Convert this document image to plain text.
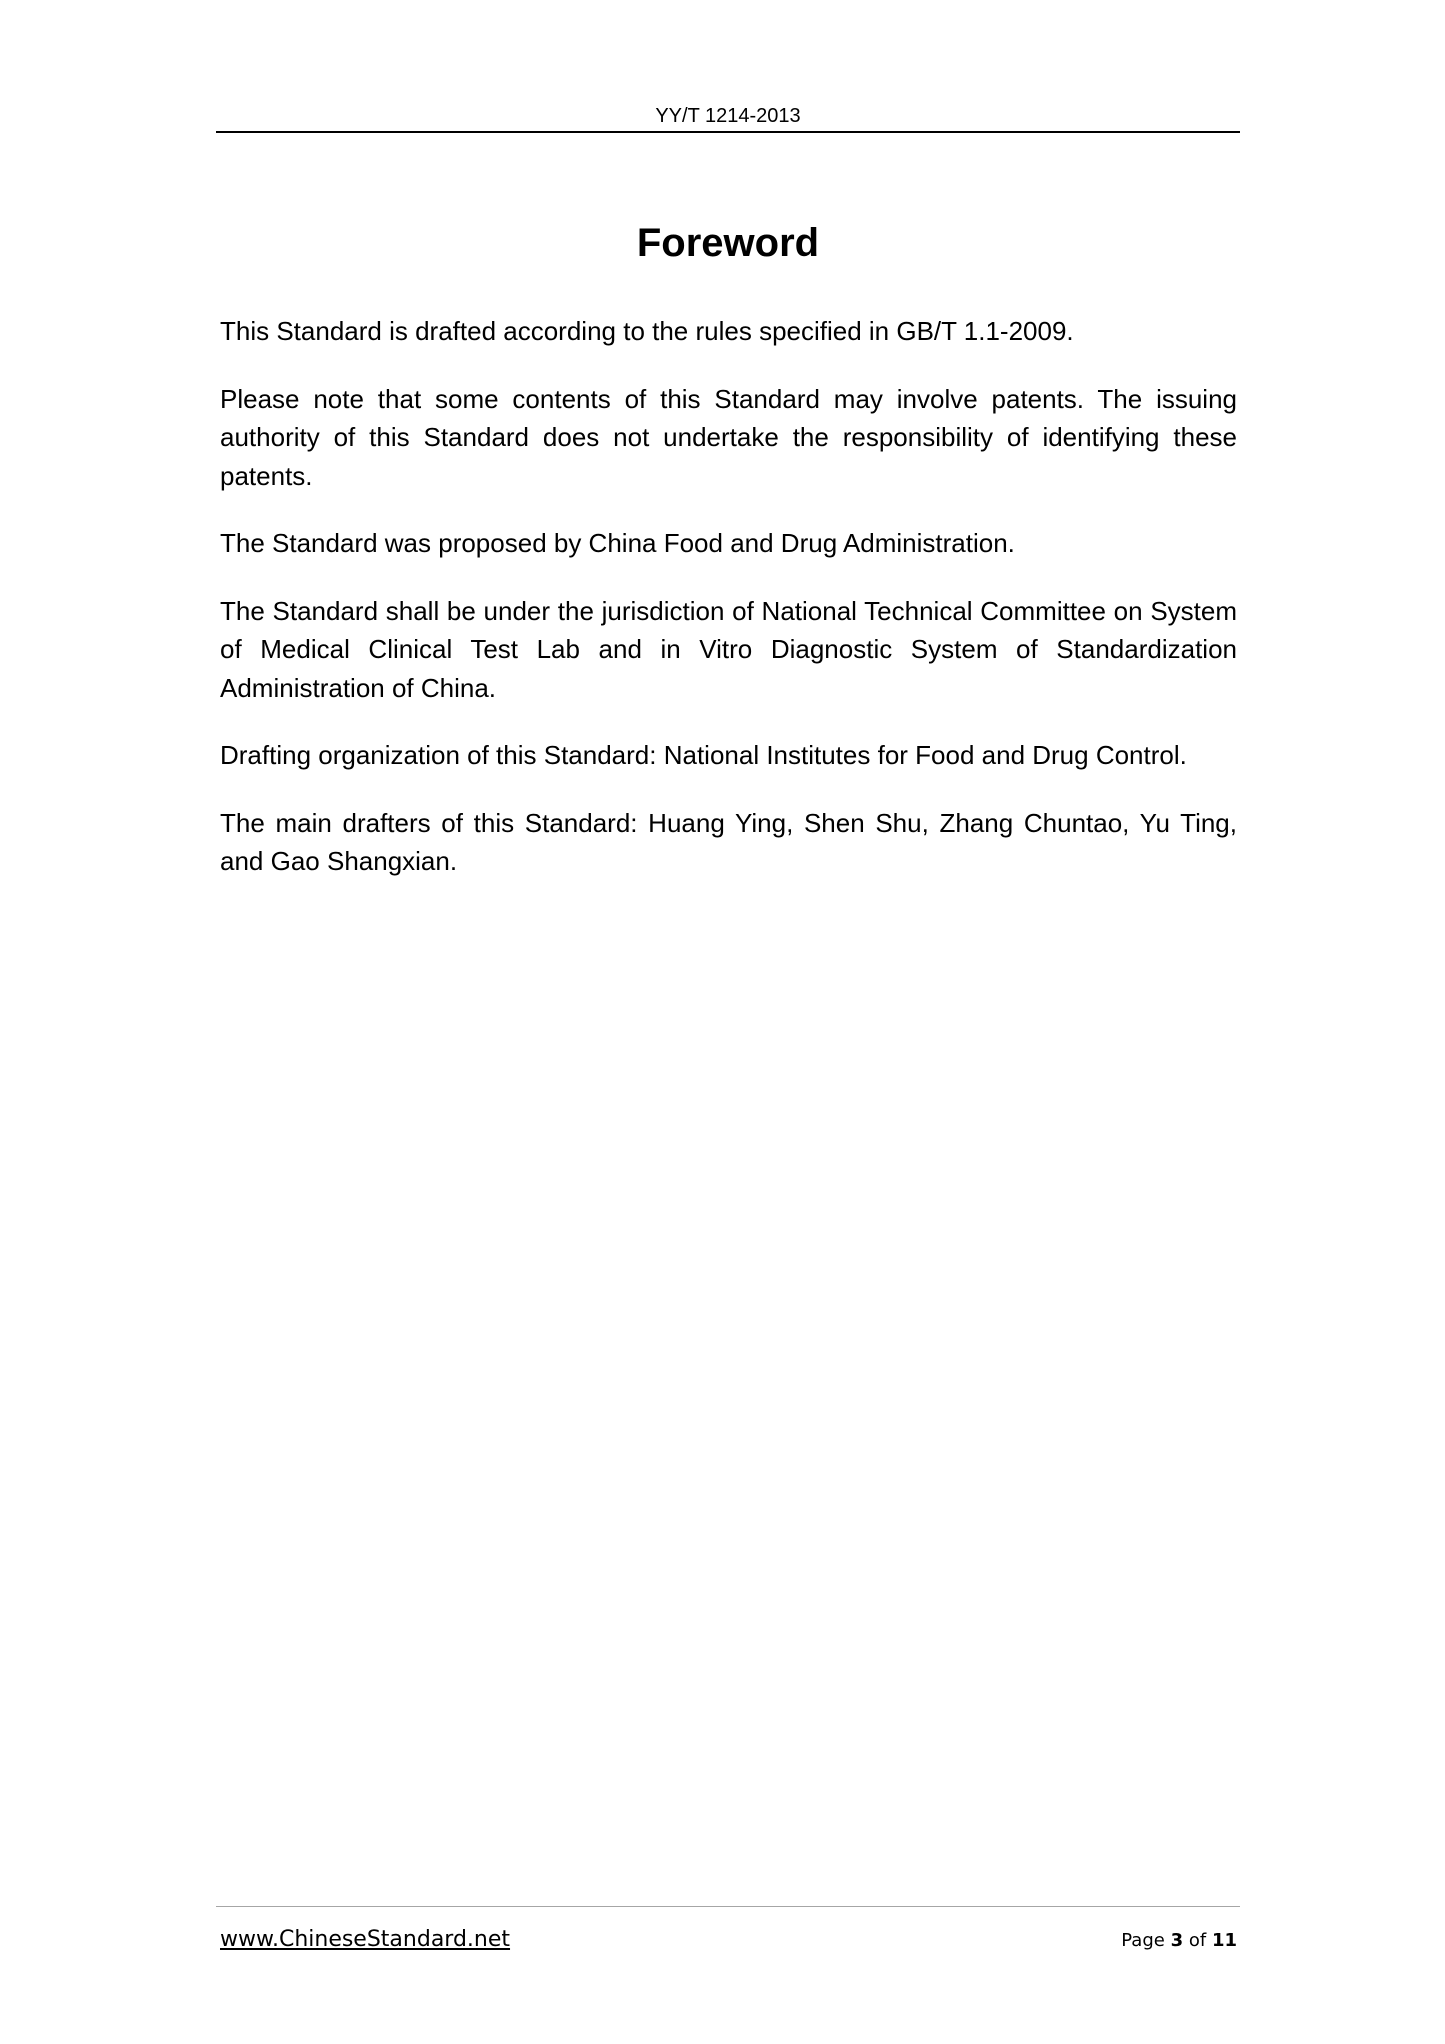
YY/T 1214-2013
Foreword

This Standard is drafted according to the rules specified in GB/T 1.1-2009.

Please note that some contents of this Standard may involve patents. The issuing authority of this Standard does not undertake the responsibility of identifying these patents.

The Standard was proposed by China Food and Drug Administration.

The Standard shall be under the jurisdiction of National Technical Committee on System of Medical Clinical Test Lab and in Vitro Diagnostic System of Standardization Administration of China.

Drafting organization of this Standard: National Institutes for Food and Drug Control.

The main drafters of this Standard: Huang Ying, Shen Shu, Zhang Chuntao, Yu Ting, and Gao Shangxian.

www.ChineseStandard.net	Page 3 of 11
